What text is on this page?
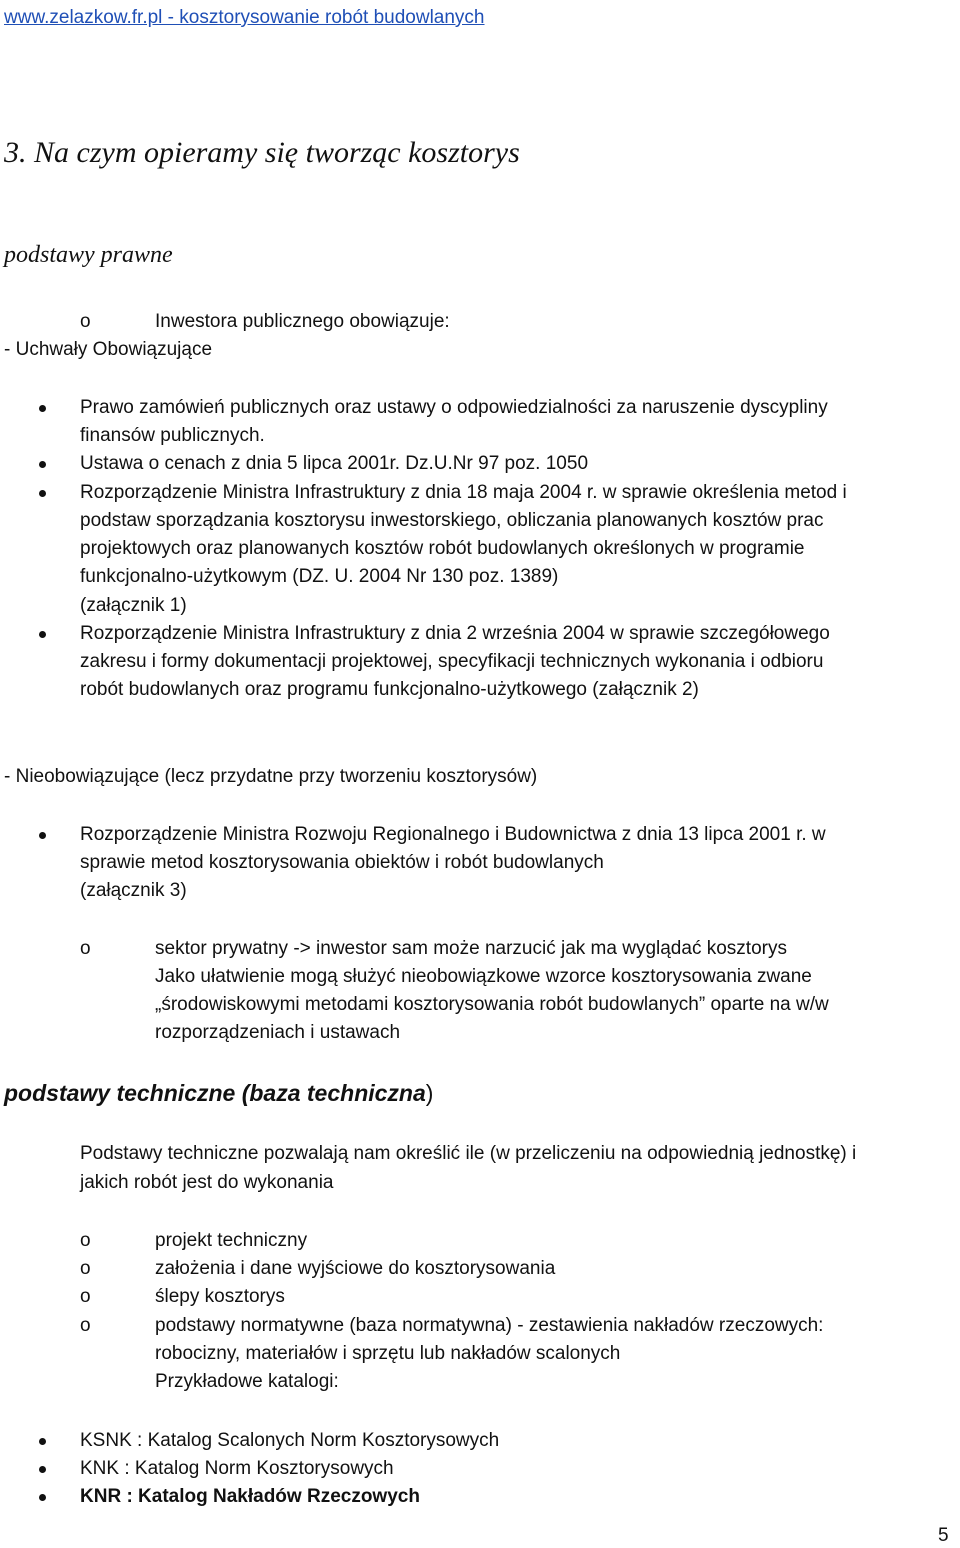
www.zelazkow.fr.pl - kosztorysowanie robót budowlanych
3. Na czym opieramy się tworząc kosztorys
podstawy prawne
o	Inwestora publicznego obowiązuje:
- Uchwały Obowiązujące
Prawo zamówień publicznych oraz ustawy o odpowiedzialności za naruszenie dyscypliny
finansów publicznych.
Ustawa o cenach z dnia 5 lipca 2001r. Dz.U.Nr 97 poz. 1050
Rozporządzenie Ministra Infrastruktury z dnia 18 maja 2004 r. w sprawie określenia metod i
podstaw sporządzania kosztorysu inwestorskiego, obliczania planowanych kosztów prac
projektowych oraz planowanych kosztów robót budowlanych określonych w programie
funkcjonalno-użytkowym (DZ. U. 2004 Nr 130 poz. 1389)
(załącznik 1)
Rozporządzenie Ministra Infrastruktury z dnia 2 września 2004 w sprawie szczegółowego
zakresu i formy dokumentacji projektowej, specyfikacji technicznych wykonania i odbioru
robót budowlanych oraz programu funkcjonalno-użytkowego (załącznik 2)
- Nieobowiązujące (lecz przydatne przy tworzeniu kosztorysów)
Rozporządzenie Ministra Rozwoju Regionalnego i Budownictwa z dnia 13 lipca 2001 r. w
sprawie metod kosztorysowania obiektów i robót budowlanych
(załącznik 3)
o	sektor prywatny -> inwestor sam może narzucić jak ma wyglądać kosztorys
Jako ułatwienie mogą służyć nieobowiązkowe wzorce kosztorysowania zwane
„środowiskowymi metodami kosztorysowania robót budowlanych” oparte na w/w
rozporządzeniach i ustawach
podstawy techniczne (baza techniczna)
Podstawy techniczne pozwalają nam określić ile (w przeliczeniu na odpowiednią jednostkę) i
jakich robót jest do wykonania
o	projekt techniczny
o	założenia i dane wyjściowe do kosztorysowania
o	ślepy kosztorys
o	podstawy normatywne (baza normatywna) - zestawienia nakładów rzeczowych:
robocizny, materiałów i sprzętu lub nakładów scalonych
Przykładowe katalogi:
KSNK : Katalog Scalonych Norm Kosztorysowych
KNK : Katalog Norm Kosztorysowych
KNR : Katalog Nakładów Rzeczowych
5
